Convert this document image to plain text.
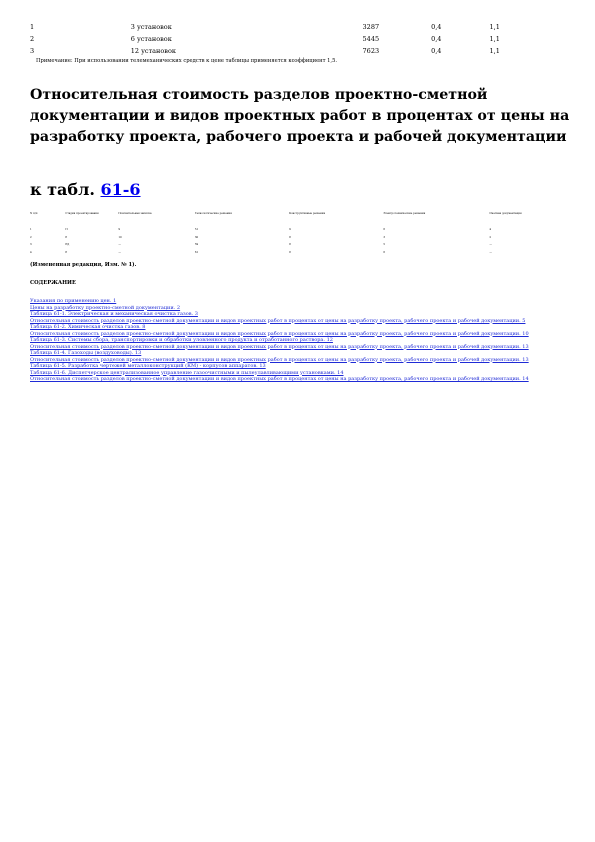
1	3 установок	3287	0,4	1,1
2	6 установок	5445	0,4	1,1
3	12 установок	7623	0,4	1,1
Примечание: При использовании телемеханических средств к цене таблицы применяется коэффициент 1,5.
Относительная стоимость разделов проектно-сметной документации и видов проектных работ в процентах от цены на разработку проекта, рабочего проекта и рабочей документации
к табл. 61-6
N п/п	Стадия проектирования	Пояснительная записка	Технологические решения	Конструктивные решения	Электротехнические решения	Сметная документация
1	П	9	51	9	6	4
2	Р	10	30	8	3	2
3	РД	—	59	8	5	—
4	Р	—	61	8	6	—
(Измененная редакция, Изм. № 1).
СОДЕРЖАНИЕ
Указания по применению цен. 1
Цены на разработку проектно-сметной документации. 2
Таблица 61-1. Электрическая и механическая очистка газов. 3
Относительная стоимость разделов проектно-сметной документации и видов проектных работ в процентах от цены на разработку проекта, рабочего проекта и рабочей документации. 5
Таблица 61-2. Химическая очистка газов. 8
Относительная стоимость разделов проектно-сметной документации и видов проектных работ в процентах от цены на разработку проекта, рабочего проекта и рабочей документации. 10
Таблица 61-3. Системы сбора, транспортировки и обработки уловленного продукта и отработанного раствора. 12
Относительная стоимость разделов проектно-сметной документации и видов проектных работ в процентах от цены на разработку проекта, рабочего проекта и рабочей документации. 13
Таблица 61-4. Газоходы (воздуховоды). 13
Относительная стоимость разделов проектно-сметной документации и видов проектных работ в процентах от цены на разработку проекта, рабочего проекта и рабочей документации. 13
Таблица 61-5. Разработка чертежей металлоконструкций (КМ) - корпусов аппаратов. 13
Таблица 61-6. Диспетчерское централизованное управление газоочистными и пылеулавливающими установками. 14
Относительная стоимость разделов проектно-сметной документации и видов проектных работ в процентах от цены на разработку проекта, рабочего проекта и рабочей документации. 14
